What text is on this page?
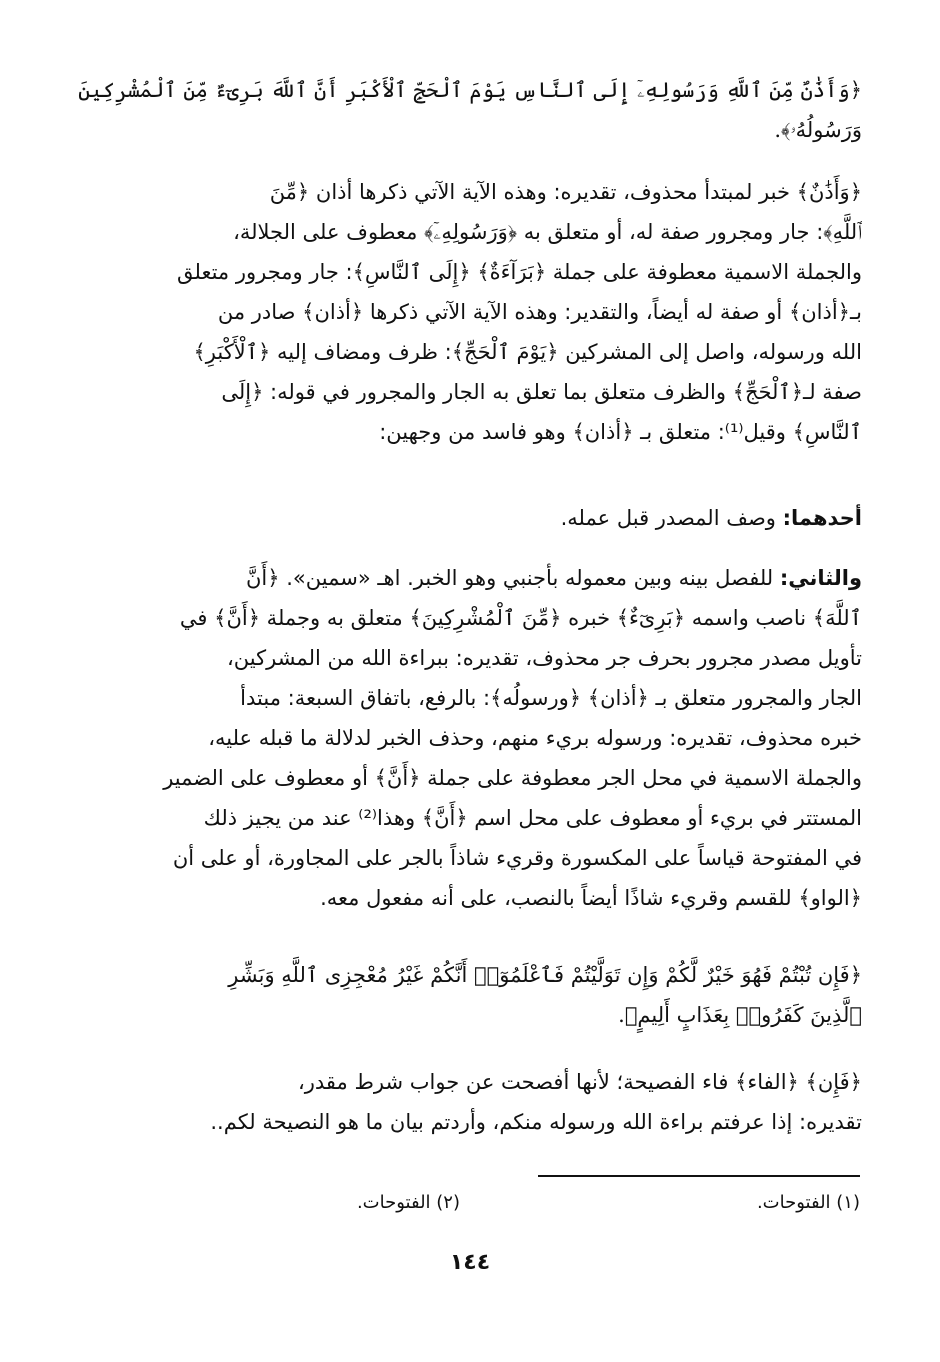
﴿وَأَذَٰنٌ مِّنَ ٱللَّهِ وَرَسُولِهِۦٓ إِلَى ٱلنَّاسِ يَوْمَ ٱلْحَجِّ ٱلْأَكْبَرِ أَنَّ ٱللَّهَ بَرِىٓءٌ مِّنَ ٱلْمُشْرِكِينَ
وَرَسُولُهُۥ﴾.
﴿وَأَذَٰنٌ﴾ خبر لمبتدأ محذوف، تقديره: وهذه الآية الآتي ذكرها أذان ﴿مِّنَ
ٱللَّهِ﴾: جار ومجرور صفة له، أو متعلق به ﴿وَرَسُولِهِۦٓ﴾ معطوف على الجلالة،
والجملة الاسمية معطوفة على جملة ﴿بَرَآءَةٌ﴾ ﴿إِلَى ٱلنَّاسِ﴾: جار ومجرور متعلق
بـ﴿أذان﴾ أو صفة له أيضاً، والتقدير: وهذه الآية الآتي ذكرها ﴿أذان﴾ صادر من
الله ورسوله، واصل إلى المشركين ﴿يَوْمَ ٱلْحَجِّ﴾: ظرف ومضاف إليه ﴿ٱلْأَكْبَرِ﴾
صفة لـ﴿ٱلْحَجِّ﴾ والظرف متعلق بما تعلق به الجار والمجرور في قوله: ﴿إِلَى
ٱلنَّاسِ﴾ وقيل⁽¹⁾: متعلق بـ ﴿أذان﴾ وهو فاسد من وجهين:
أحدهما: وصف المصدر قبل عمله.
والثاني: للفصل بينه وبين معموله بأجنبي وهو الخبر. اهـ «سمين». ﴿أَنَّ
ٱللَّهَ﴾ ناصب واسمه ﴿بَرِىٓءٌ﴾ خبره ﴿مِّنَ ٱلْمُشْرِكِينَ﴾ متعلق به وجملة ﴿أَنَّ﴾ في
تأويل مصدر مجرور بحرف جر محذوف، تقديره: ببراءة الله من المشركين،
الجار والمجرور متعلق بـ ﴿أذان﴾ ﴿ورسولُه﴾: بالرفع، باتفاق السبعة: مبتدأ
خبره محذوف، تقديره: ورسوله بريء منهم، وحذف الخبر لدلالة ما قبله عليه،
والجملة الاسمية في محل الجر معطوفة على جملة ﴿أَنَّ﴾ أو معطوف على الضمير
المستتر في بريء أو معطوف على محل اسم ﴿أَنَّ﴾ وهذا⁽²⁾ عند من يجيز ذلك
في المفتوحة قياساً على المكسورة وقريء شاذاً بالجر على المجاورة، أو على أن
﴿الواو﴾ للقسم وقريء شاذًا أيضاً بالنصب، على أنه مفعول معه.
﴿فَإِن تُبْتُمْ فَهُوَ خَيْرٌ لَّكُمْ وَإِن تَوَلَّيْتُمْ فَٱعْلَمُوٓا۟ أَنَّكُمْ غَيْرُ مُعْجِزِى ٱللَّهِ وَبَشِّرِ
ٱلَّذِينَ كَفَرُوا۟ بِعَذَابٍ أَلِيمٍ﴾.
﴿فَإِن﴾ ﴿الفاء﴾ فاء الفصيحة؛ لأنها أفصحت عن جواب شرط مقدر،
تقديره: إذا عرفتم براءة الله ورسوله منكم، وأردتم بيان ما هو النصيحة لكم..
(١) الفتوحات.
(٢) الفتوحات.
١٤٤
